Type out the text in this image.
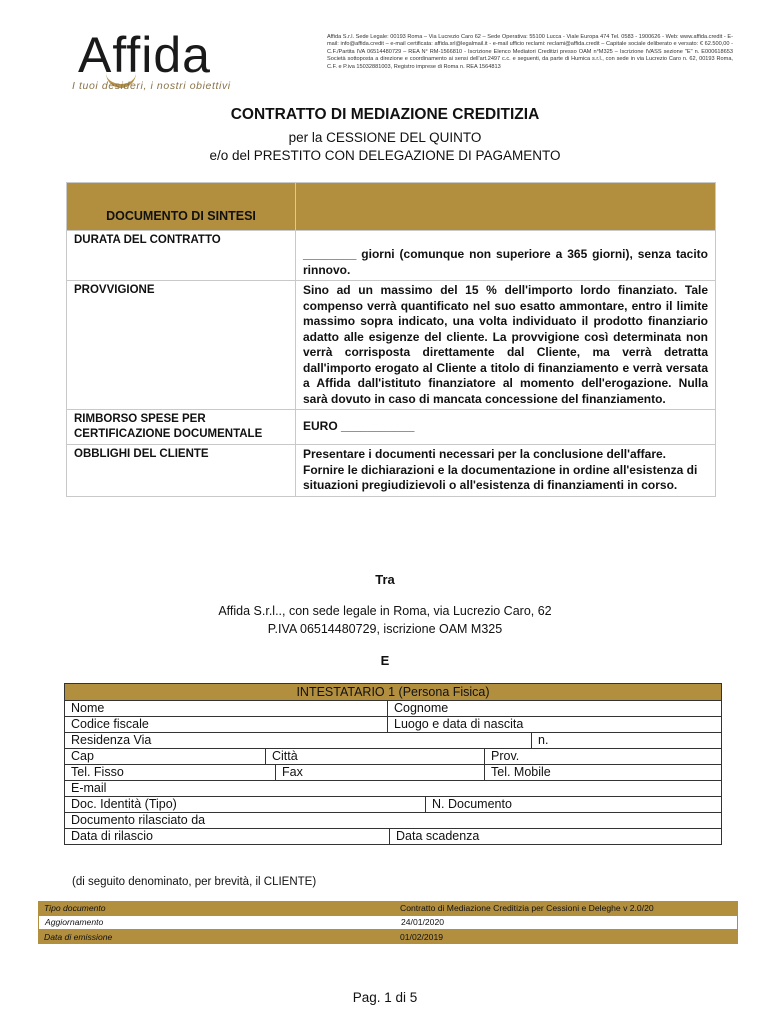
Affida
I tuoi desideri, i nostri obiettivi
Affida S.r.l. Sede Legale: 00193 Roma – Via Lucrezio Caro 62 – Sede Operativa: 55100 Lucca - Viale Europa 474 Tel. 0583 - 1900626 - Web: www.affida.credit - E-mail: info@affida.credit – e-mail certificata: affida.srl@legalmail.it - e-mail ufficio reclami: reclami@affida.credit – Capitale sociale deliberato e versato: € 62.500,00 - C.F./Partita IVA 06514480729 – REA N° RM-1566810 - Iscrizione Elenco Mediatori Creditizi presso OAM n°M325 – Iscrizione IVASS sezione "E" n. E000618653 Società sottoposta a direzione e coordinamento ai sensi dell'art.2497 c.c. e seguenti, da parte di Humica s.r.l., con sede in via Lucrezio Caro n. 62, 00193 Roma, C.F. e P.iva 15032881003, Registro imprese di Roma n. REA 1564813
CONTRATTO DI MEDIAZIONE CREDITIZIA
per la CESSIONE DEL QUINTO
e/o del PRESTITO CON DELEGAZIONE DI PAGAMENTO
DOCUMENTO DI SINTESI	
DURATA DEL CONTRATTO	________ giorni (comunque non superiore a 365 giorni), senza tacito rinnovo.
PROVVIGIONE	Sino ad un massimo del 15 % dell'importo lordo finanziato. Tale compenso verrà quantificato nel suo esatto ammontare, entro il limite massimo sopra indicato, una volta individuato il prodotto finanziario adatto alle esigenze del cliente. La provvigione così determinata non verrà corrisposta direttamente dal Cliente, ma verrà detratta dall'importo erogato al Cliente a titolo di finanziamento e verrà versata a Affida dall'istituto finanziatore al momento dell'erogazione. Nulla sarà dovuto in caso di mancata concessione del finanziamento.
RIMBORSO SPESE PER CERTIFICAZIONE DOCUMENTALE	EURO ___________
OBBLIGHI DEL CLIENTE	Presentare i documenti necessari per la conclusione dell'affare. Fornire le dichiarazioni e la documentazione in ordine all'esistenza di situazioni pregiudizievoli o all'esistenza di finanziamenti in corso.
Tra
Affida S.r.l.., con sede legale in Roma, via Lucrezio Caro, 62
P.IVA 06514480729, iscrizione OAM M325
E
INTESTATARIO 1 (Persona Fisica)
Nome	Cognome
Codice fiscale	Luogo e data di nascita
Residenza Via	n.
Cap	Città	Prov.
Tel. Fisso	Fax	Tel. Mobile
E-mail
Doc. Identità (Tipo)	N. Documento
Documento rilasciato da
Data di rilascio	Data scadenza
(di seguito denominato, per brevità, il CLIENTE)
Tipo documento	Contratto di Mediazione Creditizia per Cessioni e Deleghe v 2.0/20
Aggiornamento	24/01/2020
Data di emissione	01/02/2019
Pag. 1 di 5
